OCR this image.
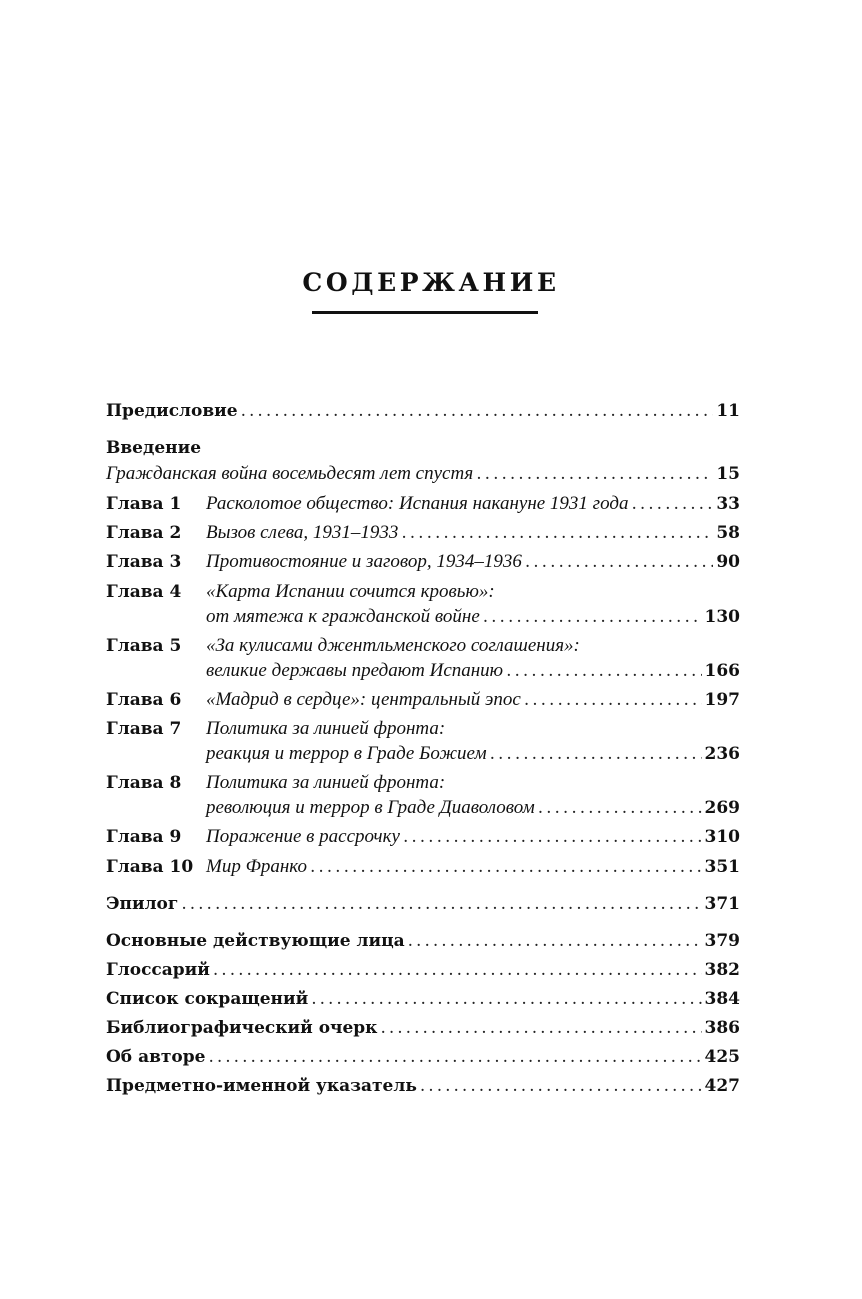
СОДЕРЖАНИЕ
Предисловие .....	11
Введение
Гражданская война восемьдесят лет спустя .....	15
Глава 1	Расколотое общество: Испания накануне 1931 года .....	33
Глава 2	Вызов слева, 1931–1933 .....	58
Глава 3	Противостояние и заговор, 1934–1936 .....	90
Глава 4	«Карта Испании сочится кровью»:
от мятежа к гражданской войне .....	130
Глава 5	«За кулисами джентльменского соглашения»:
великие державы предают Испанию .....	166
Глава 6	«Мадрид в сердце»: центральный эпос .....	197
Глава 7	Политика за линией фронта:
реакция и террор в Граде Божием .....	236
Глава 8	Политика за линией фронта:
революция и террор в Граде Диаволовом .....	269
Глава 9	Поражение в рассрочку .....	310
Глава 10 Мир Франко .....	351
Эпилог .....	371
Основные действующие лица .....	379
Глоссарий .....	382
Список сокращений .....	384
Библиографический очерк .....	386
Об авторе .....	425
Предметно-именной указатель .....	427
